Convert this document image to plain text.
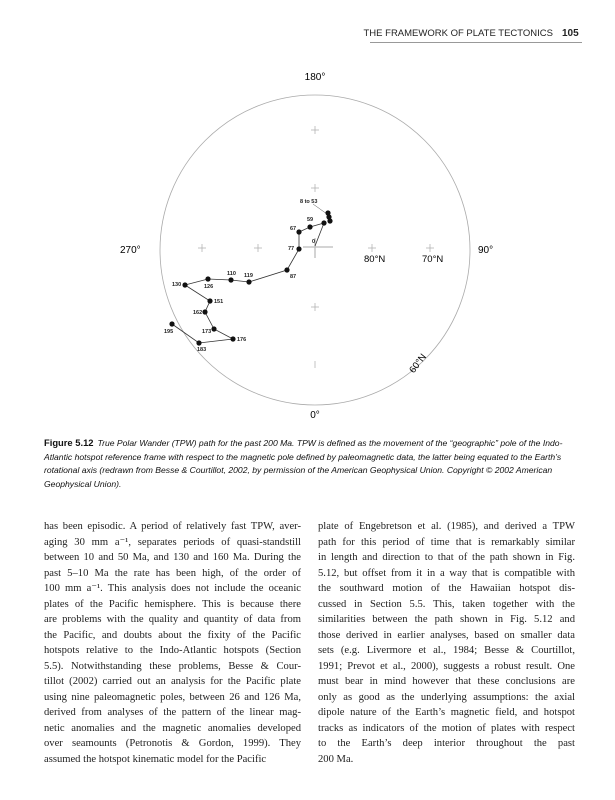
THE FRAMEWORK OF PLATE TECTONICS 105
180°
0°
270°	90°
80°N	70°N
60°N
0
8 to 53
59
67
77
87
119
110
126
130
151
162
173
176
183
195
Figure 5.12 True Polar Wander (TPW) path for the past 200 Ma. TPW is defined as the movement of the “geographic” pole of the Indo-Atlantic hotspot reference frame with respect to the magnetic pole defined by paleomagnetic data, the latter being equated to the Earth’s rotational axis (redrawn from Besse & Courtillot, 2002, by permission of the American Geophysical Union. Copyright © 2002 American Geophysical Union).
has been episodic. A period of relatively fast TPW, aver-
aging 30 mm a⁻¹, separates periods of quasi-standstill
between 10 and 50 Ma, and 130 and 160 Ma. During the
past 5–10 Ma the rate has been high, of the order of
100 mm a⁻¹. This analysis does not include the oceanic
plates of the Pacific hemisphere. This is because there
are problems with the quality and quantity of data from
the Pacific, and doubts about the fixity of the Pacific
hotspots relative to the Indo-Atlantic hotspots (Section
5.5). Notwithstanding these problems, Besse & Cour-
tillot (2002) carried out an analysis for the Pacific plate
using nine paleomagnetic poles, between 26 and 126 Ma,
derived from analyses of the pattern of the linear mag-
netic anomalies and the magnetic anomalies developed
over seamounts (Petronotis & Gordon, 1999). They
assumed the hotspot kinematic model for the Pacific
plate of Engebretson et al. (1985), and derived a TPW
path for this period of time that is remarkably similar
in length and direction to that of the path shown in Fig.
5.12, but offset from it in a way that is compatible with
the southward motion of the Hawaiian hotspot dis-
cussed in Section 5.5. This, taken together with the
similarities between the path shown in Fig. 5.12 and
those derived in earlier analyses, based on smaller data
sets (e.g. Livermore et al., 1984; Besse & Courtillot,
1991; Prevot et al., 2000), suggests a robust result. One
must bear in mind however that these conclusions are
only as good as the underlying assumptions: the axial
dipole nature of the Earth’s magnetic field, and hotspot
tracks as indicators of the motion of plates with respect
to the Earth’s deep interior throughout the past
200 Ma.
